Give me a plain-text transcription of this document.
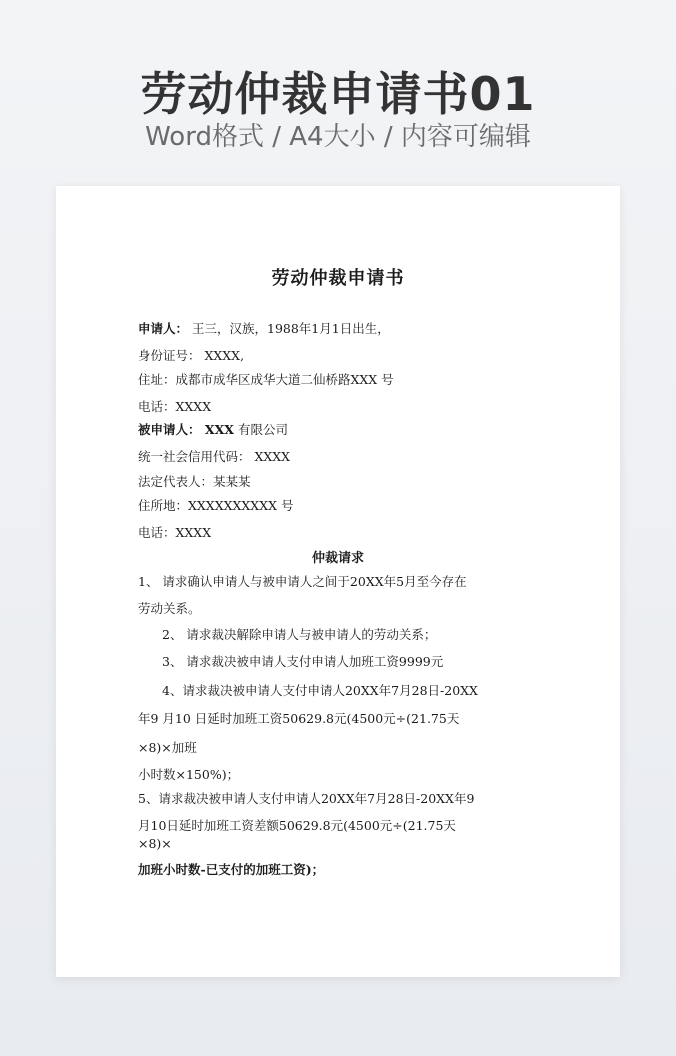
劳动仲裁申请书01
Word格式 / A4大小 / 内容可编辑
劳动仲裁申请书
申请人： 王三，汉族，1988年1月1日出生，
身份证号： XXXX,
住址：成都市成华区成华大道二仙桥路XXX 号
电话：XXXX
被申请人： XXX 有限公司
统一社会信用代码： XXXX
法定代表人：某某某
住所地：XXXXXXXXXX 号
电话：XXXX
仲裁请求
1、 请求确认申请人与被申请人之间于20XX年5月至今存在
劳动关系。
2、 请求裁决解除申请人与被申请人的劳动关系；
3、 请求裁决被申请人支付申请人加班工资9999元
4、请求裁决被申请人支付申请人20XX年7月28日-20XX
年9 月10 日延时加班工资50629.8元(4500元÷(21.75天
×8)×加班
小时数×150%)；
5、请求裁决被申请人支付申请人20XX年7月28日-20XX年9
月10日延时加班工资差额50629.8元(4500元÷(21.75天
×8)×
加班小时数-已支付的加班工资)；
